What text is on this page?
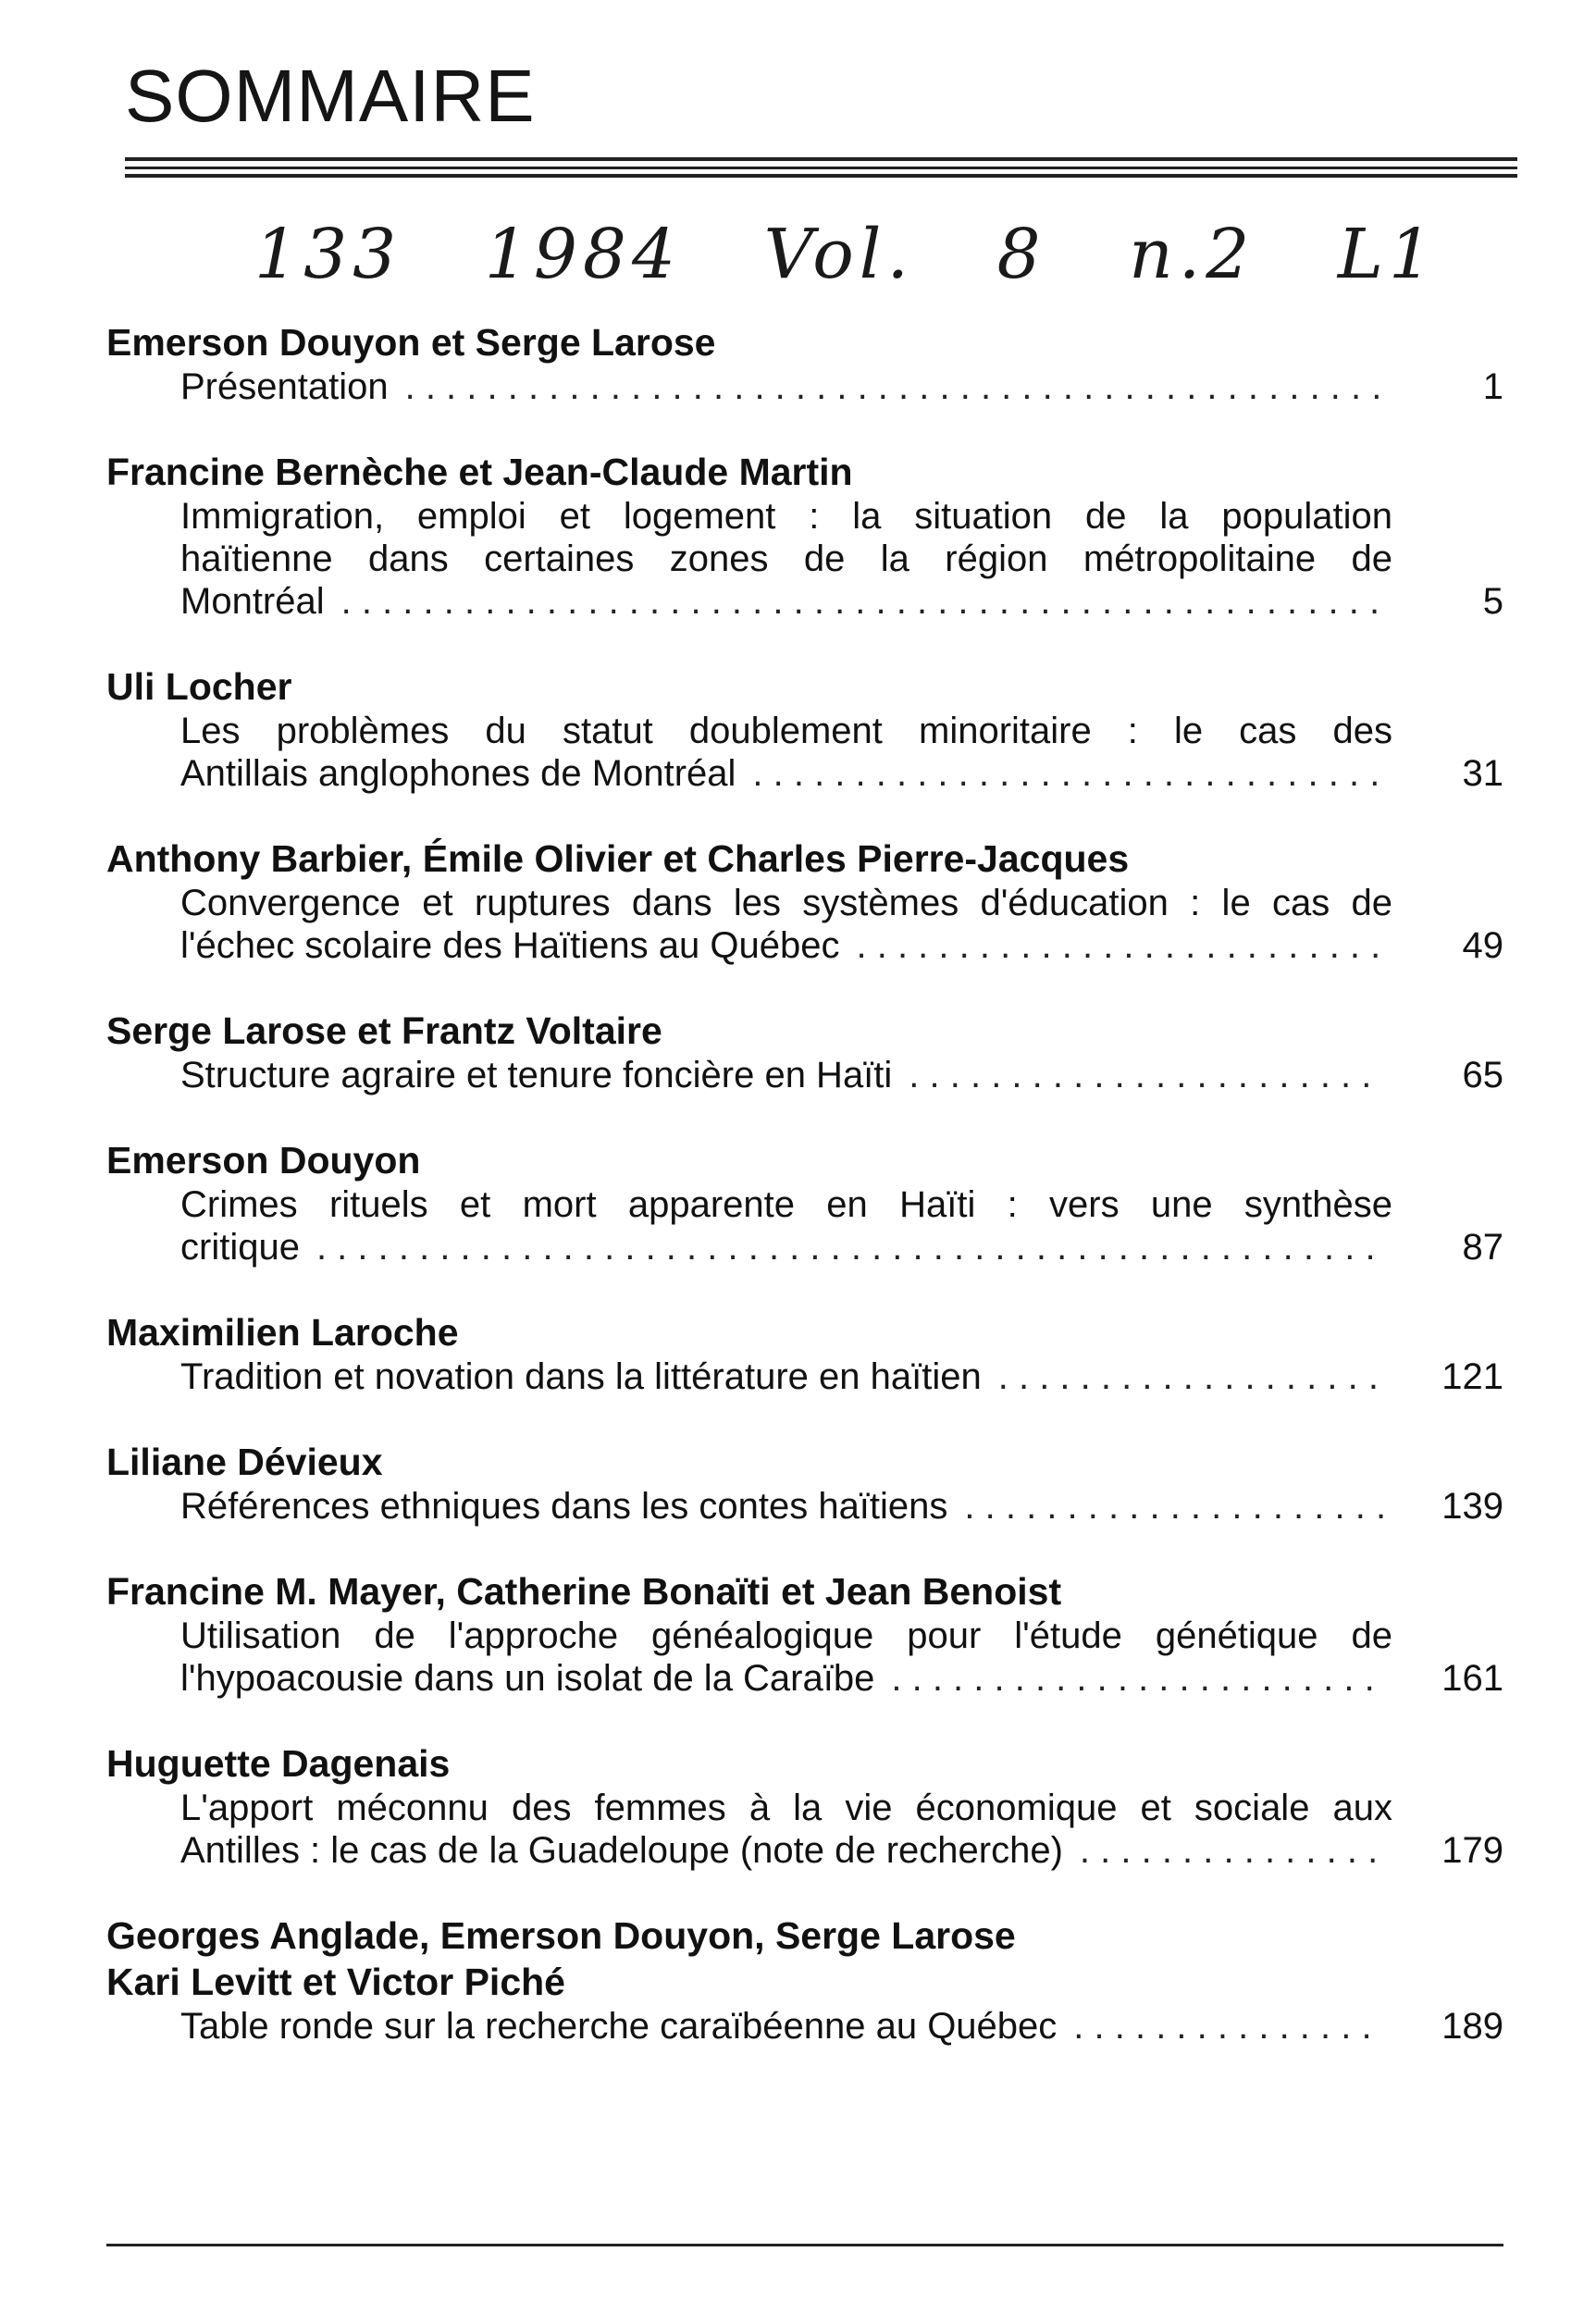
SOMMAIRE
133 1984 Vol. 8 n.2 L1
Emerson Douyon et Serge Larose
Présentation . . .	1
Francine Bernèche et Jean-Claude Martin
Immigration, emploi et logement : la situation de la population
haïtienne dans certaines zones de la région métropolitaine de
Montréal . . .	5
Uli Locher
Les problèmes du statut doublement minoritaire : le cas des
Antillais anglophones de Montréal . . .	31
Anthony Barbier, Émile Olivier et Charles Pierre-Jacques
Convergence et ruptures dans les systèmes d'éducation : le cas de
l'échec scolaire des Haïtiens au Québec . . .	49
Serge Larose et Frantz Voltaire
Structure agraire et tenure foncière en Haïti . . .	65
Emerson Douyon
Crimes rituels et mort apparente en Haïti : vers une synthèse
critique . . .	87
Maximilien Laroche
Tradition et novation dans la littérature en haïtien . . .	121
Liliane Dévieux
Références ethniques dans les contes haïtiens . . .	139
Francine M. Mayer, Catherine Bonaïti et Jean Benoist
Utilisation de l'approche généalogique pour l'étude génétique de
l'hypoacousie dans un isolat de la Caraïbe . . .	161
Huguette Dagenais
L'apport méconnu des femmes à la vie économique et sociale aux
Antilles : le cas de la Guadeloupe (note de recherche) . . .	179
Georges Anglade, Emerson Douyon, Serge Larose
Kari Levitt et Victor Piché
Table ronde sur la recherche caraïbéenne au Québec . . .	189
